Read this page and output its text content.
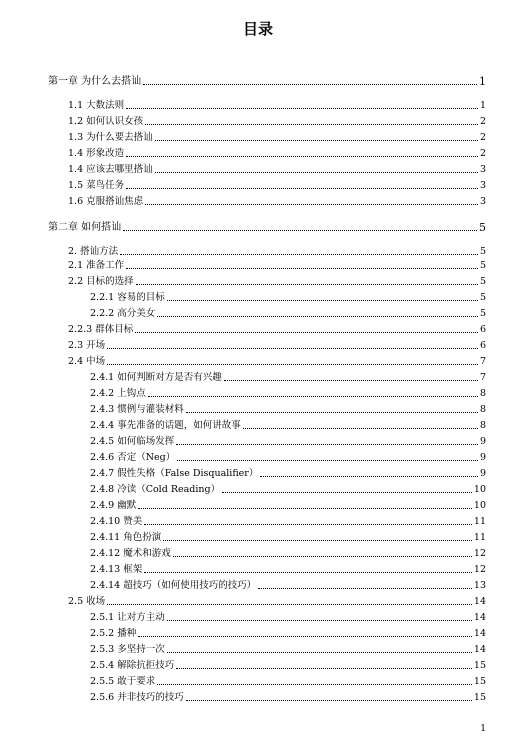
目录
第一章 为什么去搭讪	1
1.1 大数法则	1
1.2 如何认识女孩	2
1.3 为什么要去搭讪	2
1.4 形象改造	2
1.4 应该去哪里搭讪	3
1.5 菜鸟任务	3
1.6 克服搭讪焦虑	3
第二章 如何搭讪	5
2. 搭讪方法	5
2.1 准备工作	5
2.2 目标的选择	5
2.2.1 容易的目标	5
2.2.2 高分美女	5
2.2.3 群体目标	6
2.3 开场	6
2.4 中场	7
2.4.1 如何判断对方是否有兴趣	7
2.4.2 上钩点	8
2.4.3 惯例与灌装材料	8
2.4.4 事先准备的话题，如何讲故事	8
2.4.5 如何临场发挥	9
2.4.6 否定（Neg）	9
2.4.7 假性失格（False Disqualifier）	9
2.4.8 冷读（Cold Reading）	10
2.4.9 幽默	10
2.4.10 赞美	11
2.4.11 角色扮演	11
2.4.12 魔术和游戏	12
2.4.13 框架	12
2.4.14 超技巧（如何使用技巧的技巧）	13
2.5 收场	14
2.5.1 让对方主动	14
2.5.2 播种	14
2.5.3 多坚持一次	14
2.5.4 解除抗拒技巧	15
2.5.5 敢于要求	15
2.5.6 并非技巧的技巧	15
1
